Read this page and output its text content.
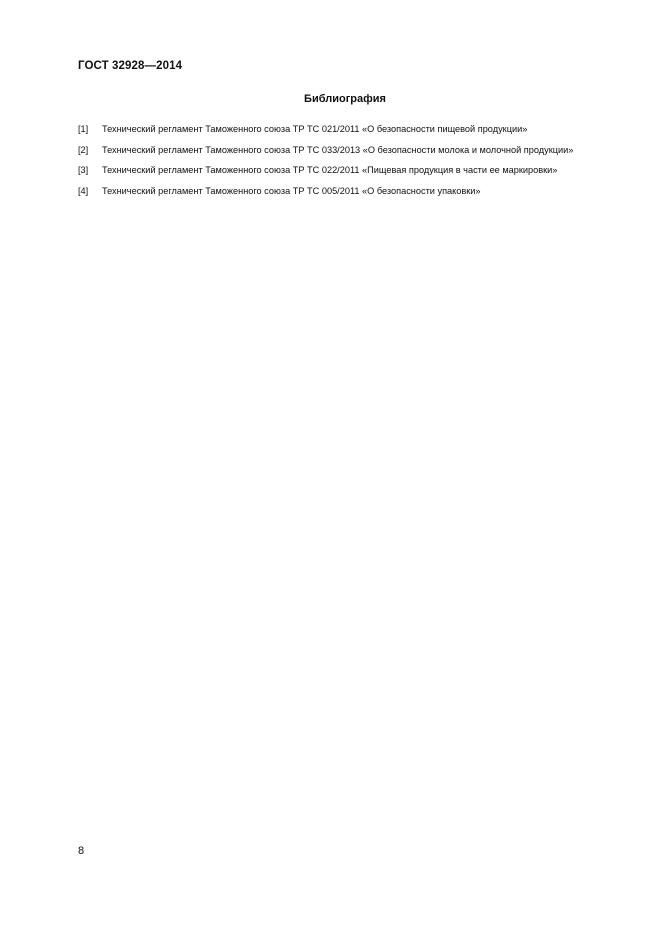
ГОСТ 32928—2014
Библиография
[1]	Технический регламент Таможенного союза ТР ТС 021/2011 «О безопасности пищевой продукции»
[2]	Технический регламент Таможенного союза ТР ТС 033/2013 «О безопасности молока и молочной продукции»
[3]	Технический регламент Таможенного союза ТР ТС 022/2011 «Пищевая продукция в части ее маркировки»
[4]	Технический регламент Таможенного союза ТР ТС 005/2011 «О безопасности упаковки»
8
